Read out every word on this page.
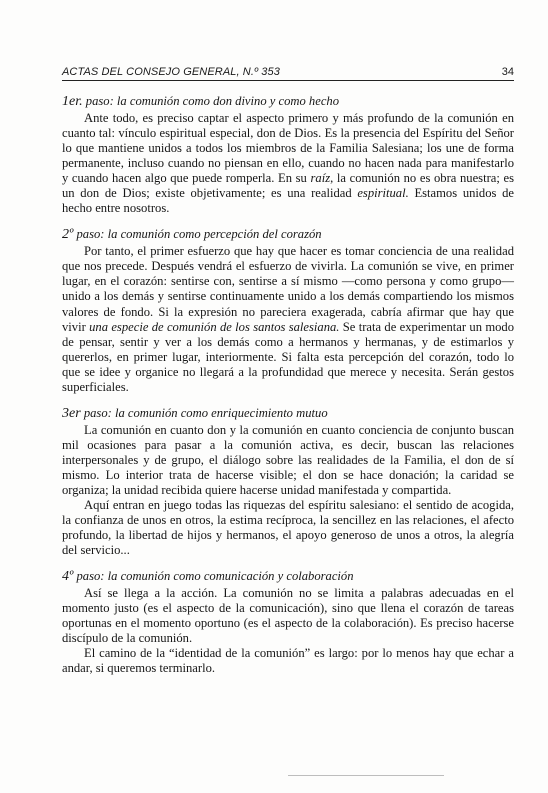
ACTAS DEL CONSEJO GENERAL, N.º 353	34
1er. paso: la comunión como don divino y como hecho

Ante todo, es preciso captar el aspecto primero y más profundo de la comunión en cuanto tal: vínculo espiritual especial, don de Dios. Es la presencia del Espíritu del Señor lo que mantiene unidos a todos los miembros de la Familia Salesiana; los une de forma permanente, incluso cuando no piensan en ello, cuando no hacen nada para manifestarlo y cuando hacen algo que puede romperla. En su raíz, la comunión no es obra nuestra; es un don de Dios; existe objetivamente; es una realidad espiritual. Estamos unidos de hecho entre nosotros.

2º paso: la comunión como percepción del corazón

Por tanto, el primer esfuerzo que hay que hacer es tomar conciencia de una realidad que nos precede. Después vendrá el esfuerzo de vivirla. La comunión se vive, en primer lugar, en el corazón: sentirse con, sentirse a sí mismo —como persona y como grupo— unido a los demás y sentirse continuamente unido a los demás compartiendo los mismos valores de fondo. Si la expresión no pareciera exagerada, cabría afirmar que hay que vivir una especie de comunión de los santos salesiana. Se trata de experimentar un modo de pensar, sentir y ver a los demás como a hermanos y hermanas, y de estimarlos y quererlos, en primer lugar, interiormente. Si falta esta percepción del corazón, todo lo que se idee y organice no llegará a la profundidad que merece y necesita. Serán gestos superficiales.

3er paso: la comunión como enriquecimiento mutuo

La comunión en cuanto don y la comunión en cuanto conciencia de conjunto buscan mil ocasiones para pasar a la comunión activa, es decir, buscan las relaciones interpersonales y de grupo, el diálogo sobre las realidades de la Familia, el don de sí mismo. Lo interior trata de hacerse visible; el don se hace donación; la caridad se organiza; la unidad recibida quiere hacerse unidad manifestada y compartida.

Aquí entran en juego todas las riquezas del espíritu salesiano: el sentido de acogida, la confianza de unos en otros, la estima recíproca, la sencillez en las relaciones, el afecto profundo, la libertad de hijos y hermanos, el apoyo generoso de unos a otros, la alegría del servicio...

4º paso: la comunión como comunicación y colaboración

Así se llega a la acción. La comunión no se limita a palabras adecuadas en el momento justo (es el aspecto de la comunicación), sino que llena el corazón de tareas oportunas en el momento oportuno (es el aspecto de la colaboración). Es preciso hacerse discípulo de la comunión.

El camino de la “identidad de la comunión” es largo: por lo menos hay que echar a andar, si queremos terminarlo.
